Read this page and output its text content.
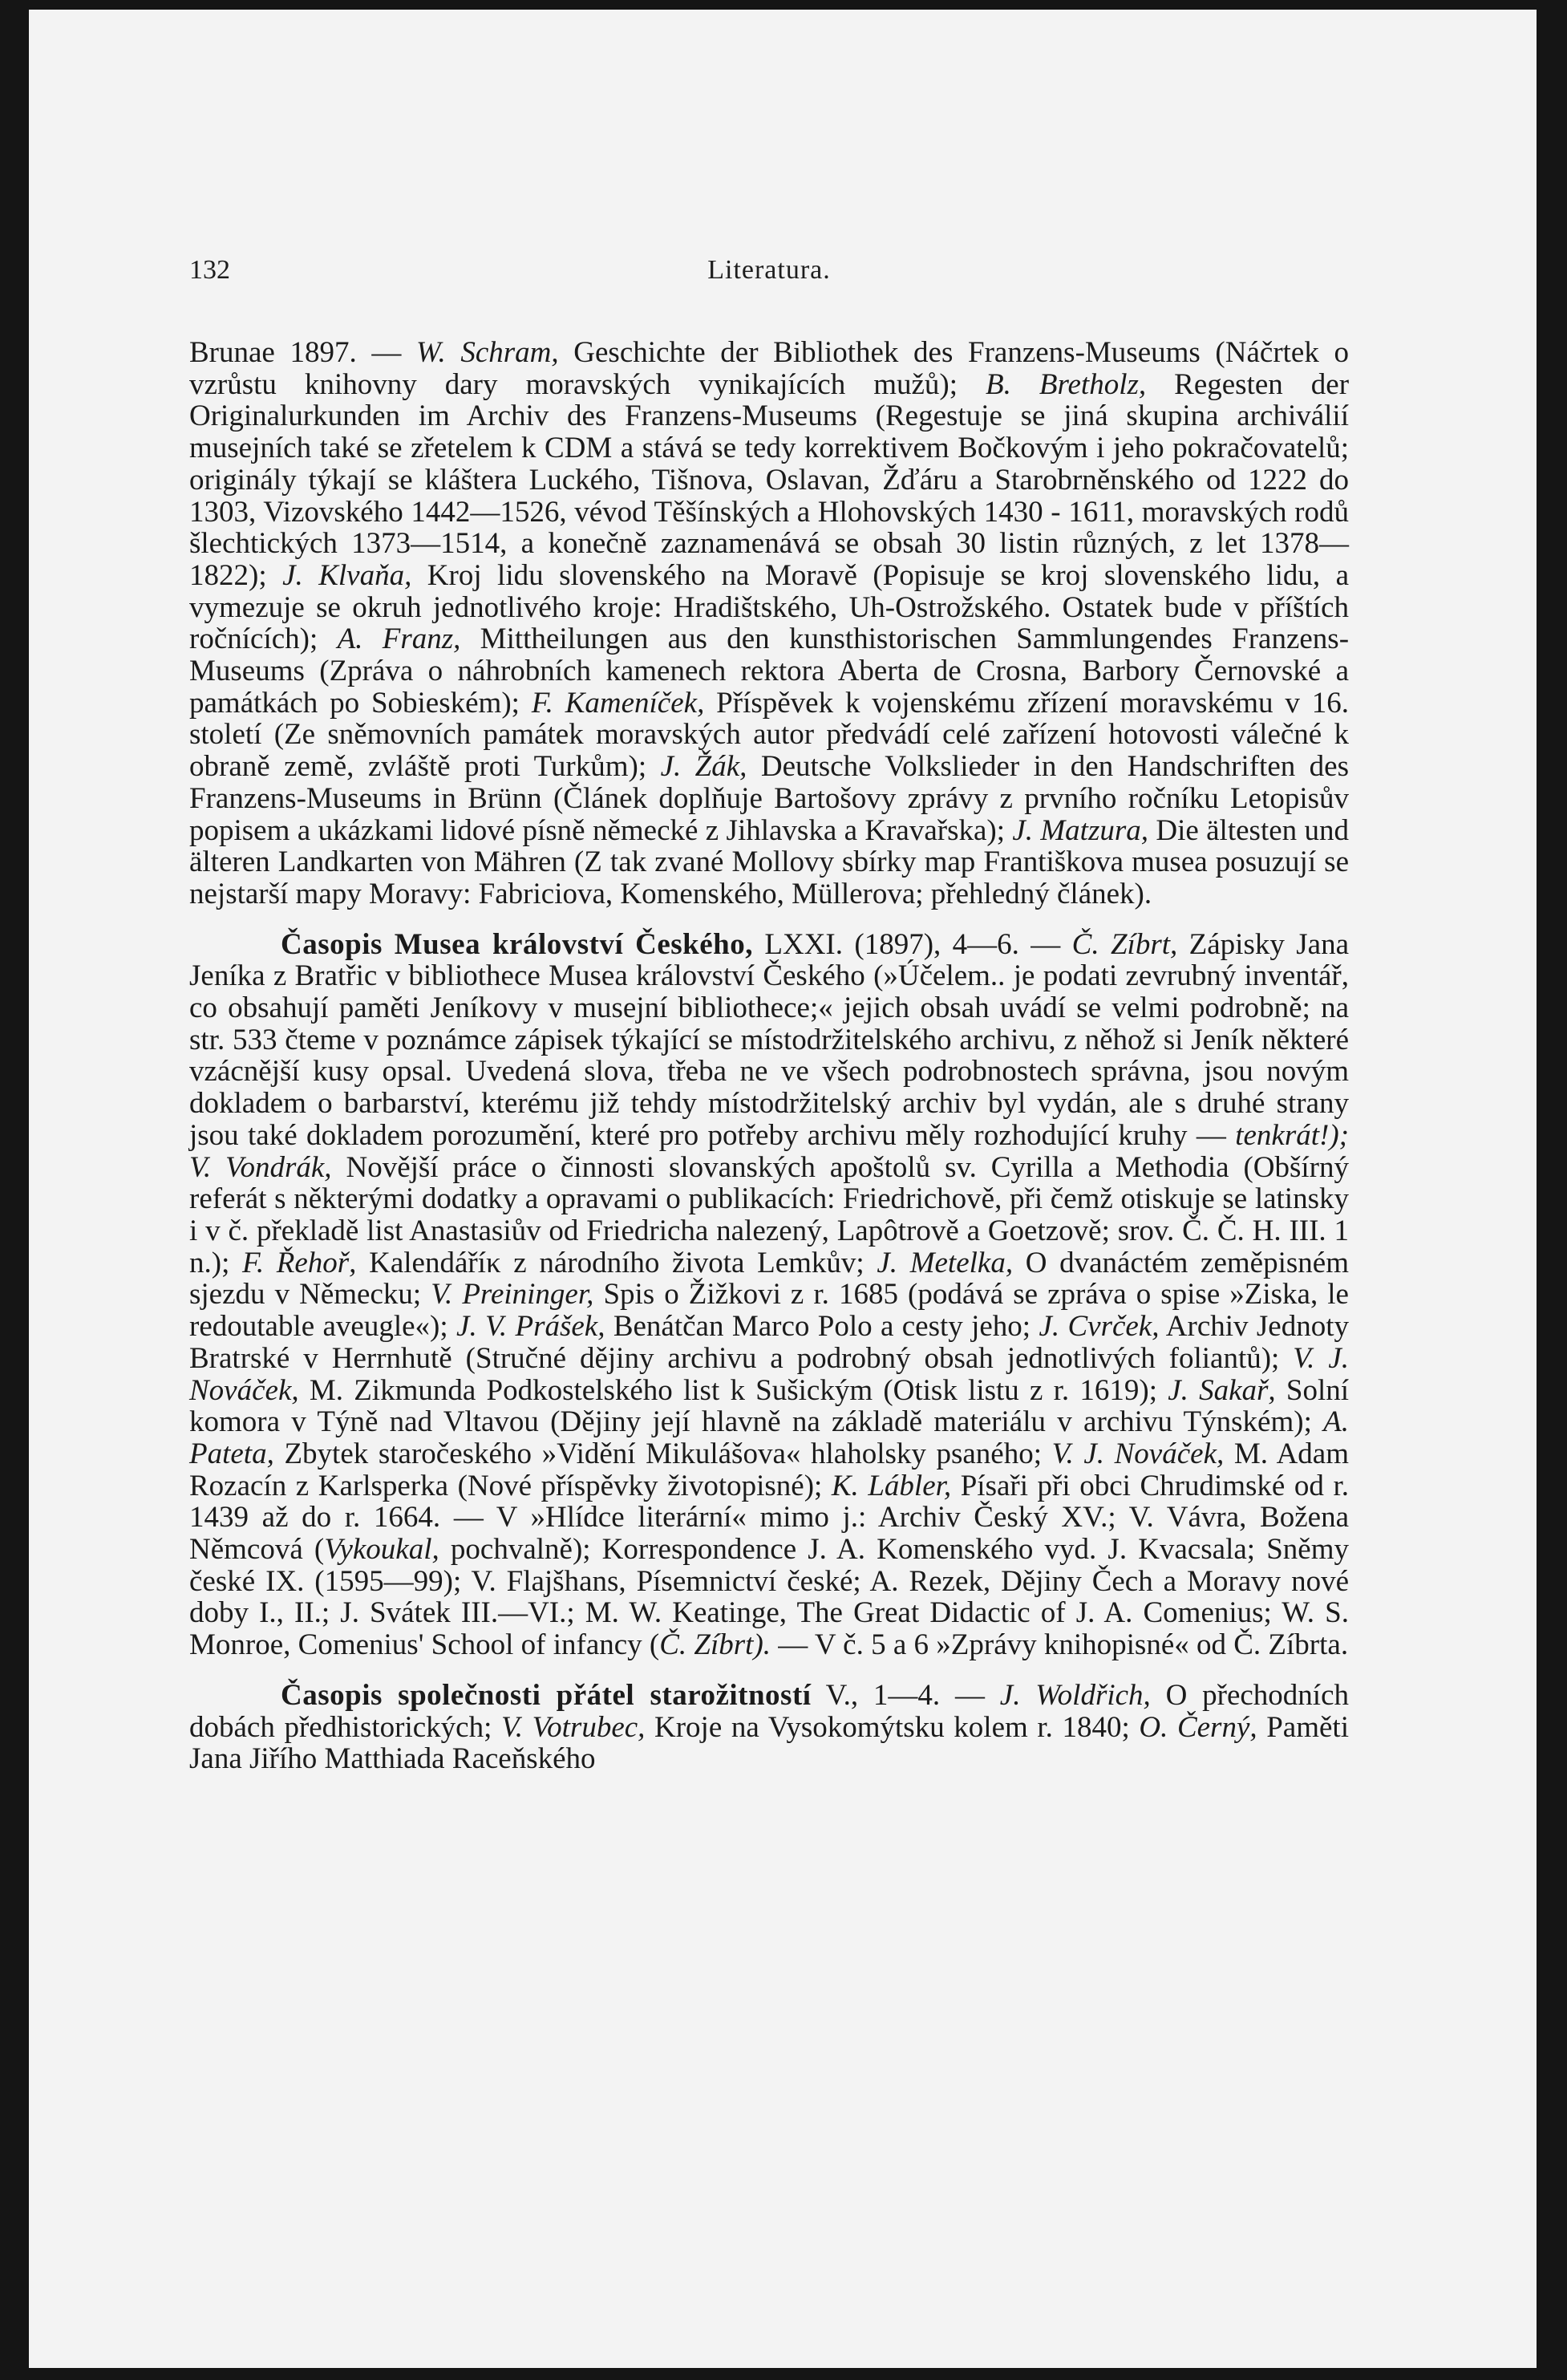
132	Literatura.

Brunae 1897. — W. Schram, Geschichte der Bibliothek des Franzens-Museums (Náčrtek o vzrůstu knihovny dary moravských vynikajících mužů); B. Bretholz, Regesten der Originalurkunden im Archiv des Franzens-Museums (Regestuje se jiná skupina archiválií musejních také se zřetelem k CDM a stává se tedy korrektivem Bočkovým i jeho pokračovatelů; originály týkají se kláštera Luckého, Tišnova, Oslavan, Žďáru a Starobrněnského od 1222 do 1303, Vizovského 1442—1526, vévod Těšínských a Hlohovských 1430 - 1611, moravských rodů šlechtických 1373—1514, a konečně zaznamenává se obsah 30 listin různých, z let 1378—1822); J. Klvaňa, Kroj lidu slovenského na Moravě (Popisuje se kroj slovenského lidu, a vymezuje se okruh jednotlivého kroje: Hradištského, Uh-Ostrožského. Ostatek bude v příštích ročnících); A. Franz, Mittheilungen aus den kunsthistorischen Sammlungendes Franzens-Museums (Zpráva o náhrobních kamenech rektora Aberta de Crosna, Barbory Černovské a památkách po Sobieském); F. Kameníček, Příspěvek k vojenskému zřízení moravskému v 16. století (Ze sněmovních památek moravských autor předvádí celé zařízení hotovosti válečné k obraně země, zvláště proti Turkům); J. Žák, Deutsche Volkslieder in den Handschriften des Franzens-Museums in Brünn (Článek doplňuje Bartošovy zprávy z prvního ročníku Letopisův popisem a ukázkami lidové písně německé z Jihlavska a Kravařska); J. Matzura, Die ältesten und älteren Landkarten von Mähren (Z tak zvané Mollovy sbírky map Františkova musea posuzují se nejstarší mapy Moravy: Fabriciova, Komenského, Müllerova; přehledný článek).

Časopis Musea království Českého, LXXI. (1897), 4—6. — Č. Zíbrt, Zápisky Jana Jeníka z Bratřic v bibliothece Musea království Českého (»Účelem.. je podati zevrubný inventář, co obsahují paměti Jeníkovy v musejní bibliothece;« jejich obsah uvádí se velmi podrobně; na str. 533 čteme v poznámce zápisek týkající se místodržitelského archivu, z něhož si Jeník některé vzácnější kusy opsal. Uvedená slova, třeba ne ve všech podrobnostech správna, jsou novým dokladem o barbarství, kterému již tehdy místodržitelský archiv byl vydán, ale s druhé strany jsou také dokladem porozumění, které pro potřeby archivu měly rozhodující kruhy — tenkrát!); V. Vondrák, Novější práce o činnosti slovanských apoštolů sv. Cyrilla a Methodia (Obšírný referát s některými dodatky a opravami o publikacích: Friedrichově, při čemž otiskuje se latinsky i v č. překladě list Anastasiův od Friedricha nalezený, Lapôtrově a Goetzově; srov. Č. Č. H. III. 1 n.); F. Řehoř, Kalendáříκ z národního života Lemkův; J. Metelka, O dvanáctém zeměpisném sjezdu v Německu; V. Preininger, Spis o Žižkovi z r. 1685 (podává se zpráva o spise »Ziska, le redoutable aveugle«); J. V. Prášek, Benátčan Marco Polo a cesty jeho; J. Cvrček, Archiv Jednoty Bratrské v Herrnhutě (Stručné dějiny archivu a podrobný obsah jednotlivých foliantů); V. J. Nováček, M. Zikmunda Podkostelského list k Sušickým (Otisk listu z r. 1619); J. Sakař, Solní komora v Týně nad Vltavou (Dějiny její hlavně na základě materiálu v archivu Týnském); A. Pateta, Zbytek staročeského »Vidění Mikulášova« hlaholsky psaného; V. J. Nováček, M. Adam Rozacín z Karlsperka (Nové příspěvky životopisné); K. Lábler, Písaři při obci Chrudimské od r. 1439 až do r. 1664. — V »Hlídce literární« mimo j.: Archiv Český XV.; V. Vávra, Božena Němcová (Vykoukal, pochvalně); Korrespondence J. A. Komenského vyd. J. Kvacsala; Sněmy české IX. (1595—99); V. Flajšhans, Písemnictví české; A. Rezek, Dějiny Čech a Moravy nové doby I., II.; J. Svátek III.—VI.; M. W. Keatinge, The Great Didactic of J. A. Comenius; W. S. Monroe, Comenius' School of infancy (Č. Zíbrt). — V č. 5 a 6 »Zprávy knihopisné« od Č. Zíbrta.

Časopis společnosti přátel starožitností V., 1—4. — J. Woldřich, O přechodních dobách předhistorických; V. Votrubec, Kroje na Vysokomýtsku kolem r. 1840; O. Černý, Paměti Jana Jiřího Matthiada Raceňského
